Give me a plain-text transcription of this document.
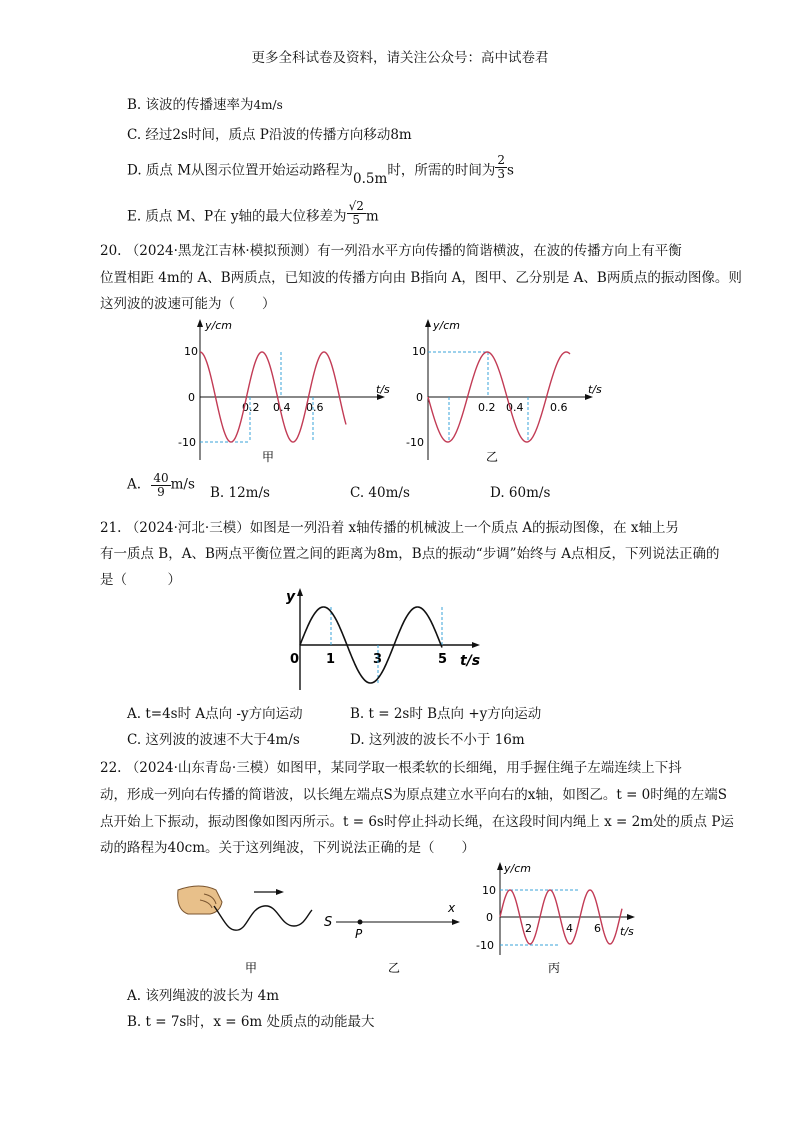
更多全科试卷及资料，请关注公众号：高中试卷君
B. 该波的传播速率为4m/s
C. 经过2s时间，质点 P沿波的传播方向移动8m
D. 质点 M从图示位置开始运动路程为0.5m时，所需的时间为 $\frac{2}{3}$ s
E. 质点 M、P在 y轴的最大位移差为 $\frac{√2}{5}$ m
20. （2024·黑龙江吉林·模拟预测）有一列沿水平方向传播的简谐横波，在波的传播方向上有平衡
位置相距 4m的 A、B两质点，已知波的传播方向由 B指向 A，图甲、乙分别是 A、B两质点的振动图像。则
这列波的波速可能为（　　）
y/cm
t/s
10
0
-10
0.2 0.4 0.6
甲
y/cm
t/s
10
0
-10
0.2 0.4 0.6
乙
A. $\frac{40}{9} m/s$
B. 12m/s	C. 40m/s	D. 60m/s
21. （2024·河北·三模）如图是一列沿着 x轴传播的机械波上一个质点 A的振动图像，在 x轴上另
有一质点 B，A、B两点平衡位置之间的距离为8m，B点的振动“步调”始终与 A点相反，下列说法正确的
是（　　　）
y
t/s
0 1	3	5
A. t=4s时 A点向 -y方向运动	B. t = 2s时 B点向 +y方向运动
C. 这列波的波速不大于4m/s	D. 这列波的波长不小于 16m
22. （2024·山东青岛·三模）如图甲，某同学取一根柔软的长细绳，用手握住绳子左端连续上下抖
动，形成一列向右传播的简谐波，以长绳左端点S为原点建立水平向右的x轴，如图乙。t = 0时绳的左端S
点开始上下振动，振动图像如图丙所示。t = 6s时停止抖动长绳，在这段时间内绳上 x = 2m处的质点 P运
动的路程为40cm。关于这列绳波，下列说法正确的是（　　）
甲
S
P
x
乙
y/cm
t/s
10
0
-10
2	4 6
丙
A. 该列绳波的波长为 4m
B. t = 7s时，x = 6m 处质点的动能最大
